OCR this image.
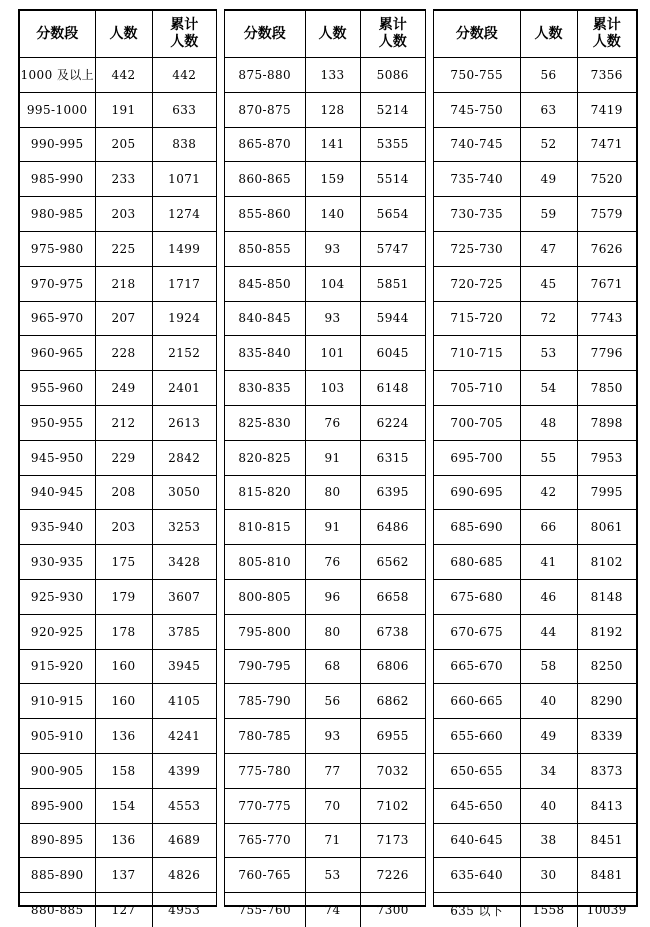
分数段	人数	累计
人数
1000 及以上	442	442
995-1000	191	633
990-995	205	838
985-990	233	1071
980-985	203	1274
975-980	225	1499
970-975	218	1717
965-970	207	1924
960-965	228	2152
955-960	249	2401
950-955	212	2613
945-950	229	2842
940-945	208	3050
935-940	203	3253
930-935	175	3428
925-930	179	3607
920-925	178	3785
915-920	160	3945
910-915	160	4105
905-910	136	4241
900-905	158	4399
895-900	154	4553
890-895	136	4689
885-890	137	4826
880-885	127	4953
分数段	人数	累计
人数
875-880	133	5086
870-875	128	5214
865-870	141	5355
860-865	159	5514
855-860	140	5654
850-855	93	5747
845-850	104	5851
840-845	93	5944
835-840	101	6045
830-835	103	6148
825-830	76	6224
820-825	91	6315
815-820	80	6395
810-815	91	6486
805-810	76	6562
800-805	96	6658
795-800	80	6738
790-795	68	6806
785-790	56	6862
780-785	93	6955
775-780	77	7032
770-775	70	7102
765-770	71	7173
760-765	53	7226
755-760	74	7300
分数段	人数	累计
人数
750-755	56	7356
745-750	63	7419
740-745	52	7471
735-740	49	7520
730-735	59	7579
725-730	47	7626
720-725	45	7671
715-720	72	7743
710-715	53	7796
705-710	54	7850
700-705	48	7898
695-700	55	7953
690-695	42	7995
685-690	66	8061
680-685	41	8102
675-680	46	8148
670-675	44	8192
665-670	58	8250
660-665	40	8290
655-660	49	8339
650-655	34	8373
645-650	40	8413
640-645	38	8451
635-640	30	8481
635 以下	1558	10039
